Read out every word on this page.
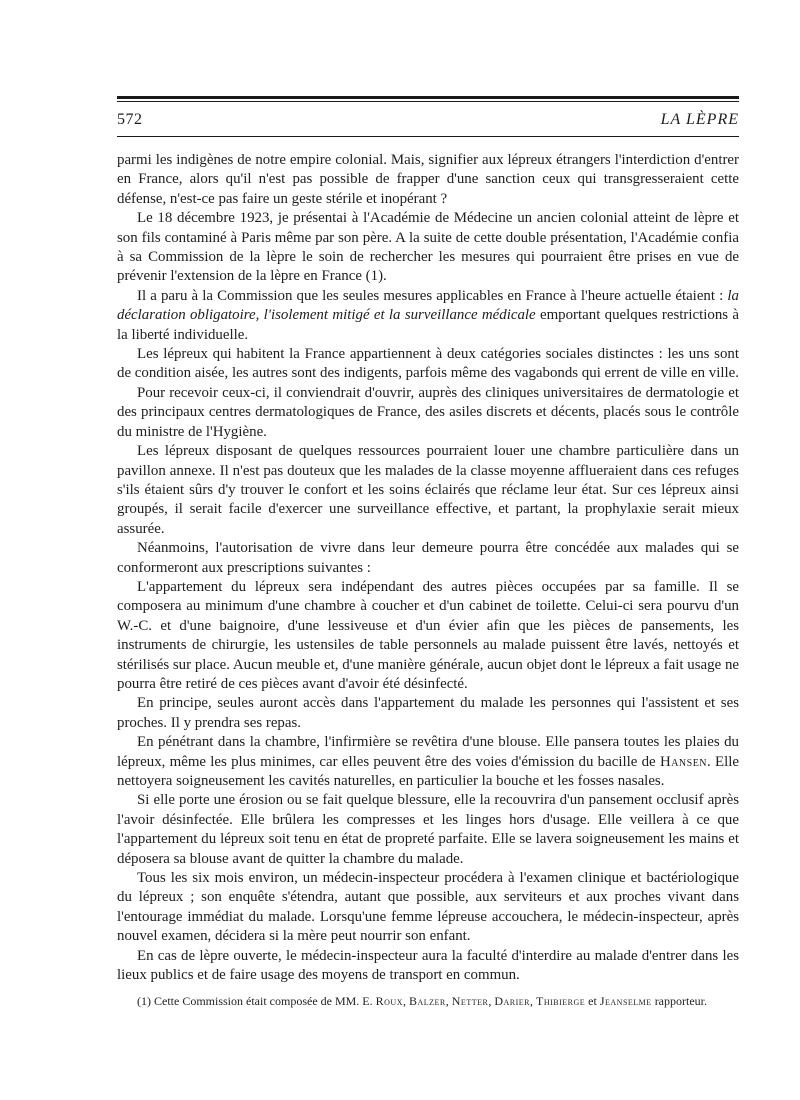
572	LA LÈPRE

parmi les indigènes de notre empire colonial. Mais, signifier aux lépreux étrangers l'interdiction d'entrer en France, alors qu'il n'est pas possible de frapper d'une sanction ceux qui transgresseraient cette défense, n'est-ce pas faire un geste stérile et inopérant ?

Le 18 décembre 1923, je présentai à l'Académie de Médecine un ancien colonial atteint de lèpre et son fils contaminé à Paris même par son père. A la suite de cette double présentation, l'Académie confia à sa Commission de la lèpre le soin de rechercher les mesures qui pourraient être prises en vue de prévenir l'extension de la lèpre en France (1).

Il a paru à la Commission que les seules mesures applicables en France à l'heure actuelle étaient : la déclaration obligatoire, l'isolement mitigé et la surveillance médicale emportant quelques restrictions à la liberté individuelle.

Les lépreux qui habitent la France appartiennent à deux catégories sociales distinctes : les uns sont de condition aisée, les autres sont des indigents, parfois même des vagabonds qui errent de ville en ville.

Pour recevoir ceux-ci, il conviendrait d'ouvrir, auprès des cliniques universitaires de dermatologie et des principaux centres dermatologiques de France, des asiles discrets et décents, placés sous le contrôle du ministre de l'Hygiène.

Les lépreux disposant de quelques ressources pourraient louer une chambre particulière dans un pavillon annexe. Il n'est pas douteux que les malades de la classe moyenne afflueraient dans ces refuges s'ils étaient sûrs d'y trouver le confort et les soins éclairés que réclame leur état. Sur ces lépreux ainsi groupés, il serait facile d'exercer une surveillance effective, et partant, la prophylaxie serait mieux assurée.

Néanmoins, l'autorisation de vivre dans leur demeure pourra être concédée aux malades qui se conformeront aux prescriptions suivantes :

L'appartement du lépreux sera indépendant des autres pièces occupées par sa famille. Il se composera au minimum d'une chambre à coucher et d'un cabinet de toilette. Celui-ci sera pourvu d'un W.-C. et d'une baignoire, d'une lessiveuse et d'un évier afin que les pièces de pansements, les instruments de chirurgie, les ustensiles de table personnels au malade puissent être lavés, nettoyés et stérilisés sur place. Aucun meuble et, d'une manière générale, aucun objet dont le lépreux a fait usage ne pourra être retiré de ces pièces avant d'avoir été désinfecté.

En principe, seules auront accès dans l'appartement du malade les personnes qui l'assistent et ses proches. Il y prendra ses repas.

En pénétrant dans la chambre, l'infirmière se revêtira d'une blouse. Elle pansera toutes les plaies du lépreux, même les plus minimes, car elles peuvent être des voies d'émission du bacille de Hansen. Elle nettoyera soigneusement les cavités naturelles, en particulier la bouche et les fosses nasales.

Si elle porte une érosion ou se fait quelque blessure, elle la recouvrira d'un pansement occlusif après l'avoir désinfectée. Elle brûlera les compresses et les linges hors d'usage. Elle veillera à ce que l'appartement du lépreux soit tenu en état de propreté parfaite. Elle se lavera soigneusement les mains et déposera sa blouse avant de quitter la chambre du malade.

Tous les six mois environ, un médecin-inspecteur procédera à l'examen clinique et bactériologique du lépreux ; son enquête s'étendra, autant que possible, aux serviteurs et aux proches vivant dans l'entourage immédiat du malade. Lorsqu'une femme lépreuse accouchera, le médecin-inspecteur, après nouvel examen, décidera si la mère peut nourrir son enfant.

En cas de lèpre ouverte, le médecin-inspecteur aura la faculté d'interdire au malade d'entrer dans les lieux publics et de faire usage des moyens de transport en commun.

(1) Cette Commission était composée de MM. E. Roux, Balzer, Netter, Darier, Thibierge et Jeanselme rapporteur.
